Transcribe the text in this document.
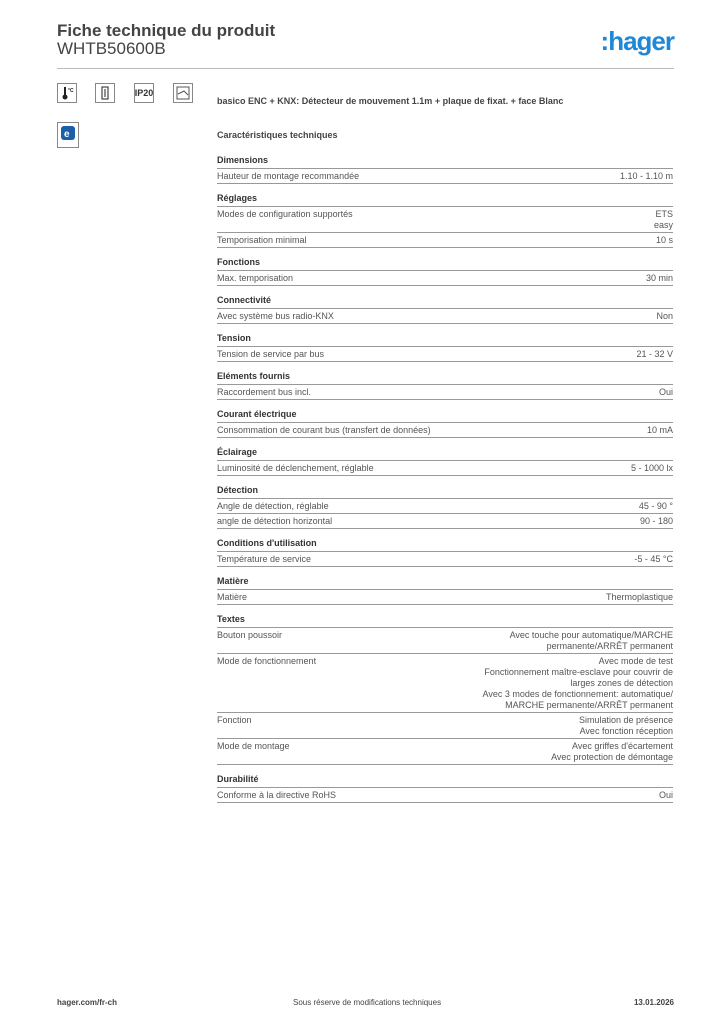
Fiche technique du produit
WHTB50600B	:hager
°C	IP20
e
basico ENC + KNX: Détecteur de mouvement 1.1m + plaque de fixat. + face Blanc
Caractéristiques techniques
Dimensions
Hauteur de montage recommandée	1.10 - 1.10 m
Réglages
Modes de configuration supportés	ETS
easy
Temporisation minimal	10 s
Fonctions
Max. temporisation	30 min
Connectivité
Avec système bus radio-KNX	Non
Tension
Tension de service par bus	21 - 32 V
Eléments fournis
Raccordement bus incl.	Oui
Courant électrique
Consommation de courant bus (transfert de données)	10 mA
Éclairage
Luminosité de déclenchement, réglable	5 - 1000 lx
Détection
Angle de détection, réglable	45 - 90 °
angle de détection horizontal	90 - 180
Conditions d'utilisation
Température de service	-5 - 45 °C
Matière
Matière	Thermoplastique
Textes
Bouton poussoir	Avec touche pour automatique/MARCHE
permanente/ARRÊT permanent
Mode de fonctionnement	Avec mode de test
Fonctionnement maître-esclave pour couvrir de
larges zones de détection
Avec 3 modes de fonctionnement: automatique/
MARCHE permanente/ARRÊT permanent
Fonction	Simulation de présence
Avec fonction réception
Mode de montage	Avec griffes d'écartement
Avec protection de démontage
Durabilité
Conforme à la directive RoHS	Oui
hager.com/fr-ch	Sous réserve de modifications techniques	13.01.2026
